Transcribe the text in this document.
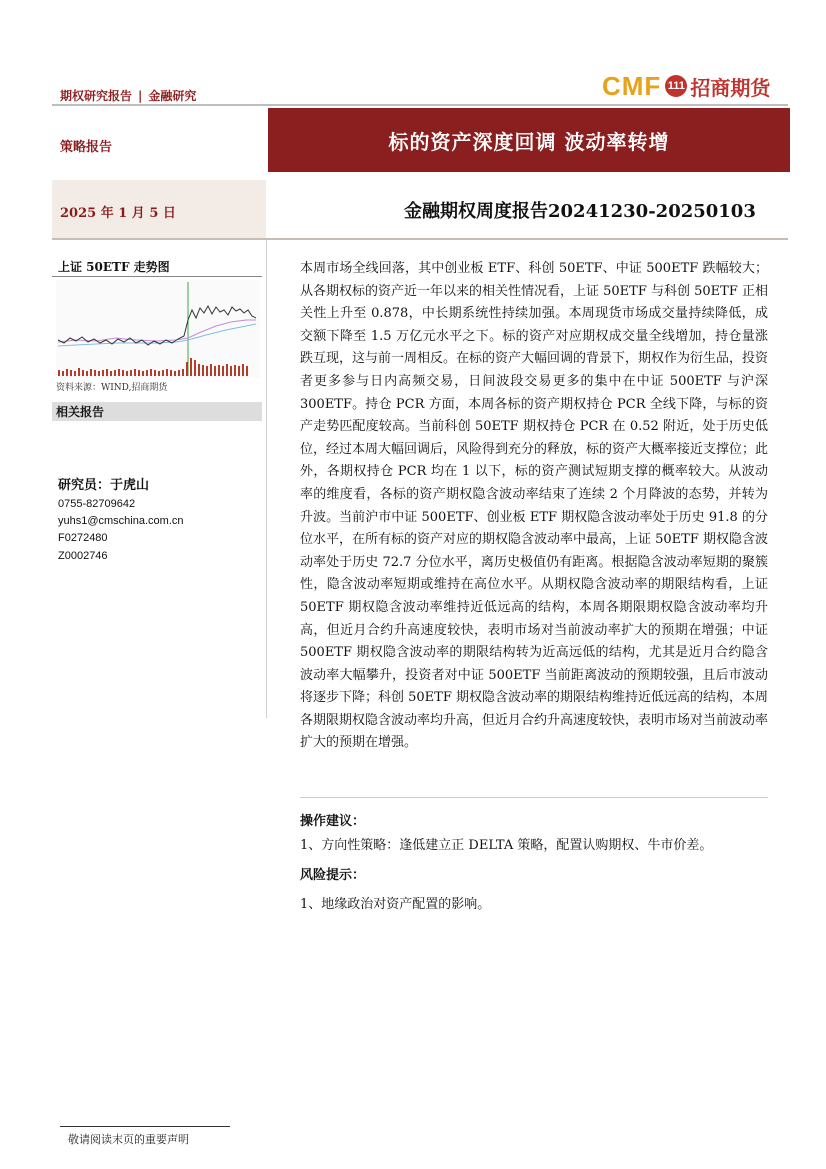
期权研究报告 | 金融研究	CMF 111 招商期货
策略报告	标的资产深度回调 波动率转增
2025 年 1 月 5 日	金融期权周度报告20241230-20250103
上证 50ETF 走势图
资料来源：WIND,招商期货
相关报告
研究员：于虎山
0755-82709642
yuhs1@cmschina.com.cn
F0272480
Z0002746
本周市场全线回落，其中创业板 ETF、科创 50ETF、中证 500ETF 跌幅较大；从各期权标的资产近一年以来的相关性情况看，上证 50ETF 与科创 50ETF 正相关性上升至 0.878，中长期系统性持续加强。本周现货市场成交量持续降低，成交额下降至 1.5 万亿元水平之下。标的资产对应期权成交量全线增加，持仓量涨跌互现，这与前一周相反。在标的资产大幅回调的背景下，期权作为衍生品，投资者更多参与日内高频交易，日间波段交易更多的集中在中证 500ETF 与沪深 300ETF。持仓 PCR 方面，本周各标的资产期权持仓 PCR 全线下降，与标的资产走势匹配度较高。当前科创 50ETF 期权持仓 PCR 在 0.52 附近，处于历史低位，经过本周大幅回调后，风险得到充分的释放，标的资产大概率接近支撑位；此外，各期权持仓 PCR 均在 1 以下，标的资产测试短期支撑的概率较大。从波动率的维度看，各标的资产期权隐含波动率结束了连续 2 个月降波的态势，并转为升波。当前沪市中证 500ETF、创业板 ETF 期权隐含波动率处于历史 91.8 的分位水平，在所有标的资产对应的期权隐含波动率中最高，上证 50ETF 期权隐含波动率处于历史 72.7 分位水平，离历史极值仍有距离。根据隐含波动率短期的聚簇性，隐含波动率短期或维持在高位水平。从期权隐含波动率的期限结构看，上证 50ETF 期权隐含波动率维持近低远高的结构，本周各期限期权隐含波动率均升高，但近月合约升高速度较快，表明市场对当前波动率扩大的预期在增强；中证 500ETF 期权隐含波动率的期限结构转为近高远低的结构，尤其是近月合约隐含波动率大幅攀升，投资者对中证 500ETF 当前距离波动的预期较强，且后市波动将逐步下降；科创 50ETF 期权隐含波动率的期限结构维持近低远高的结构，本周各期限期权隐含波动率均升高，但近月合约升高速度较快，表明市场对当前波动率扩大的预期在增强。
操作建议：
1、方向性策略：逢低建立正 DELTA 策略，配置认购期权、牛市价差。
风险提示：
1、地缘政治对资产配置的影响。
敬请阅读末页的重要声明
